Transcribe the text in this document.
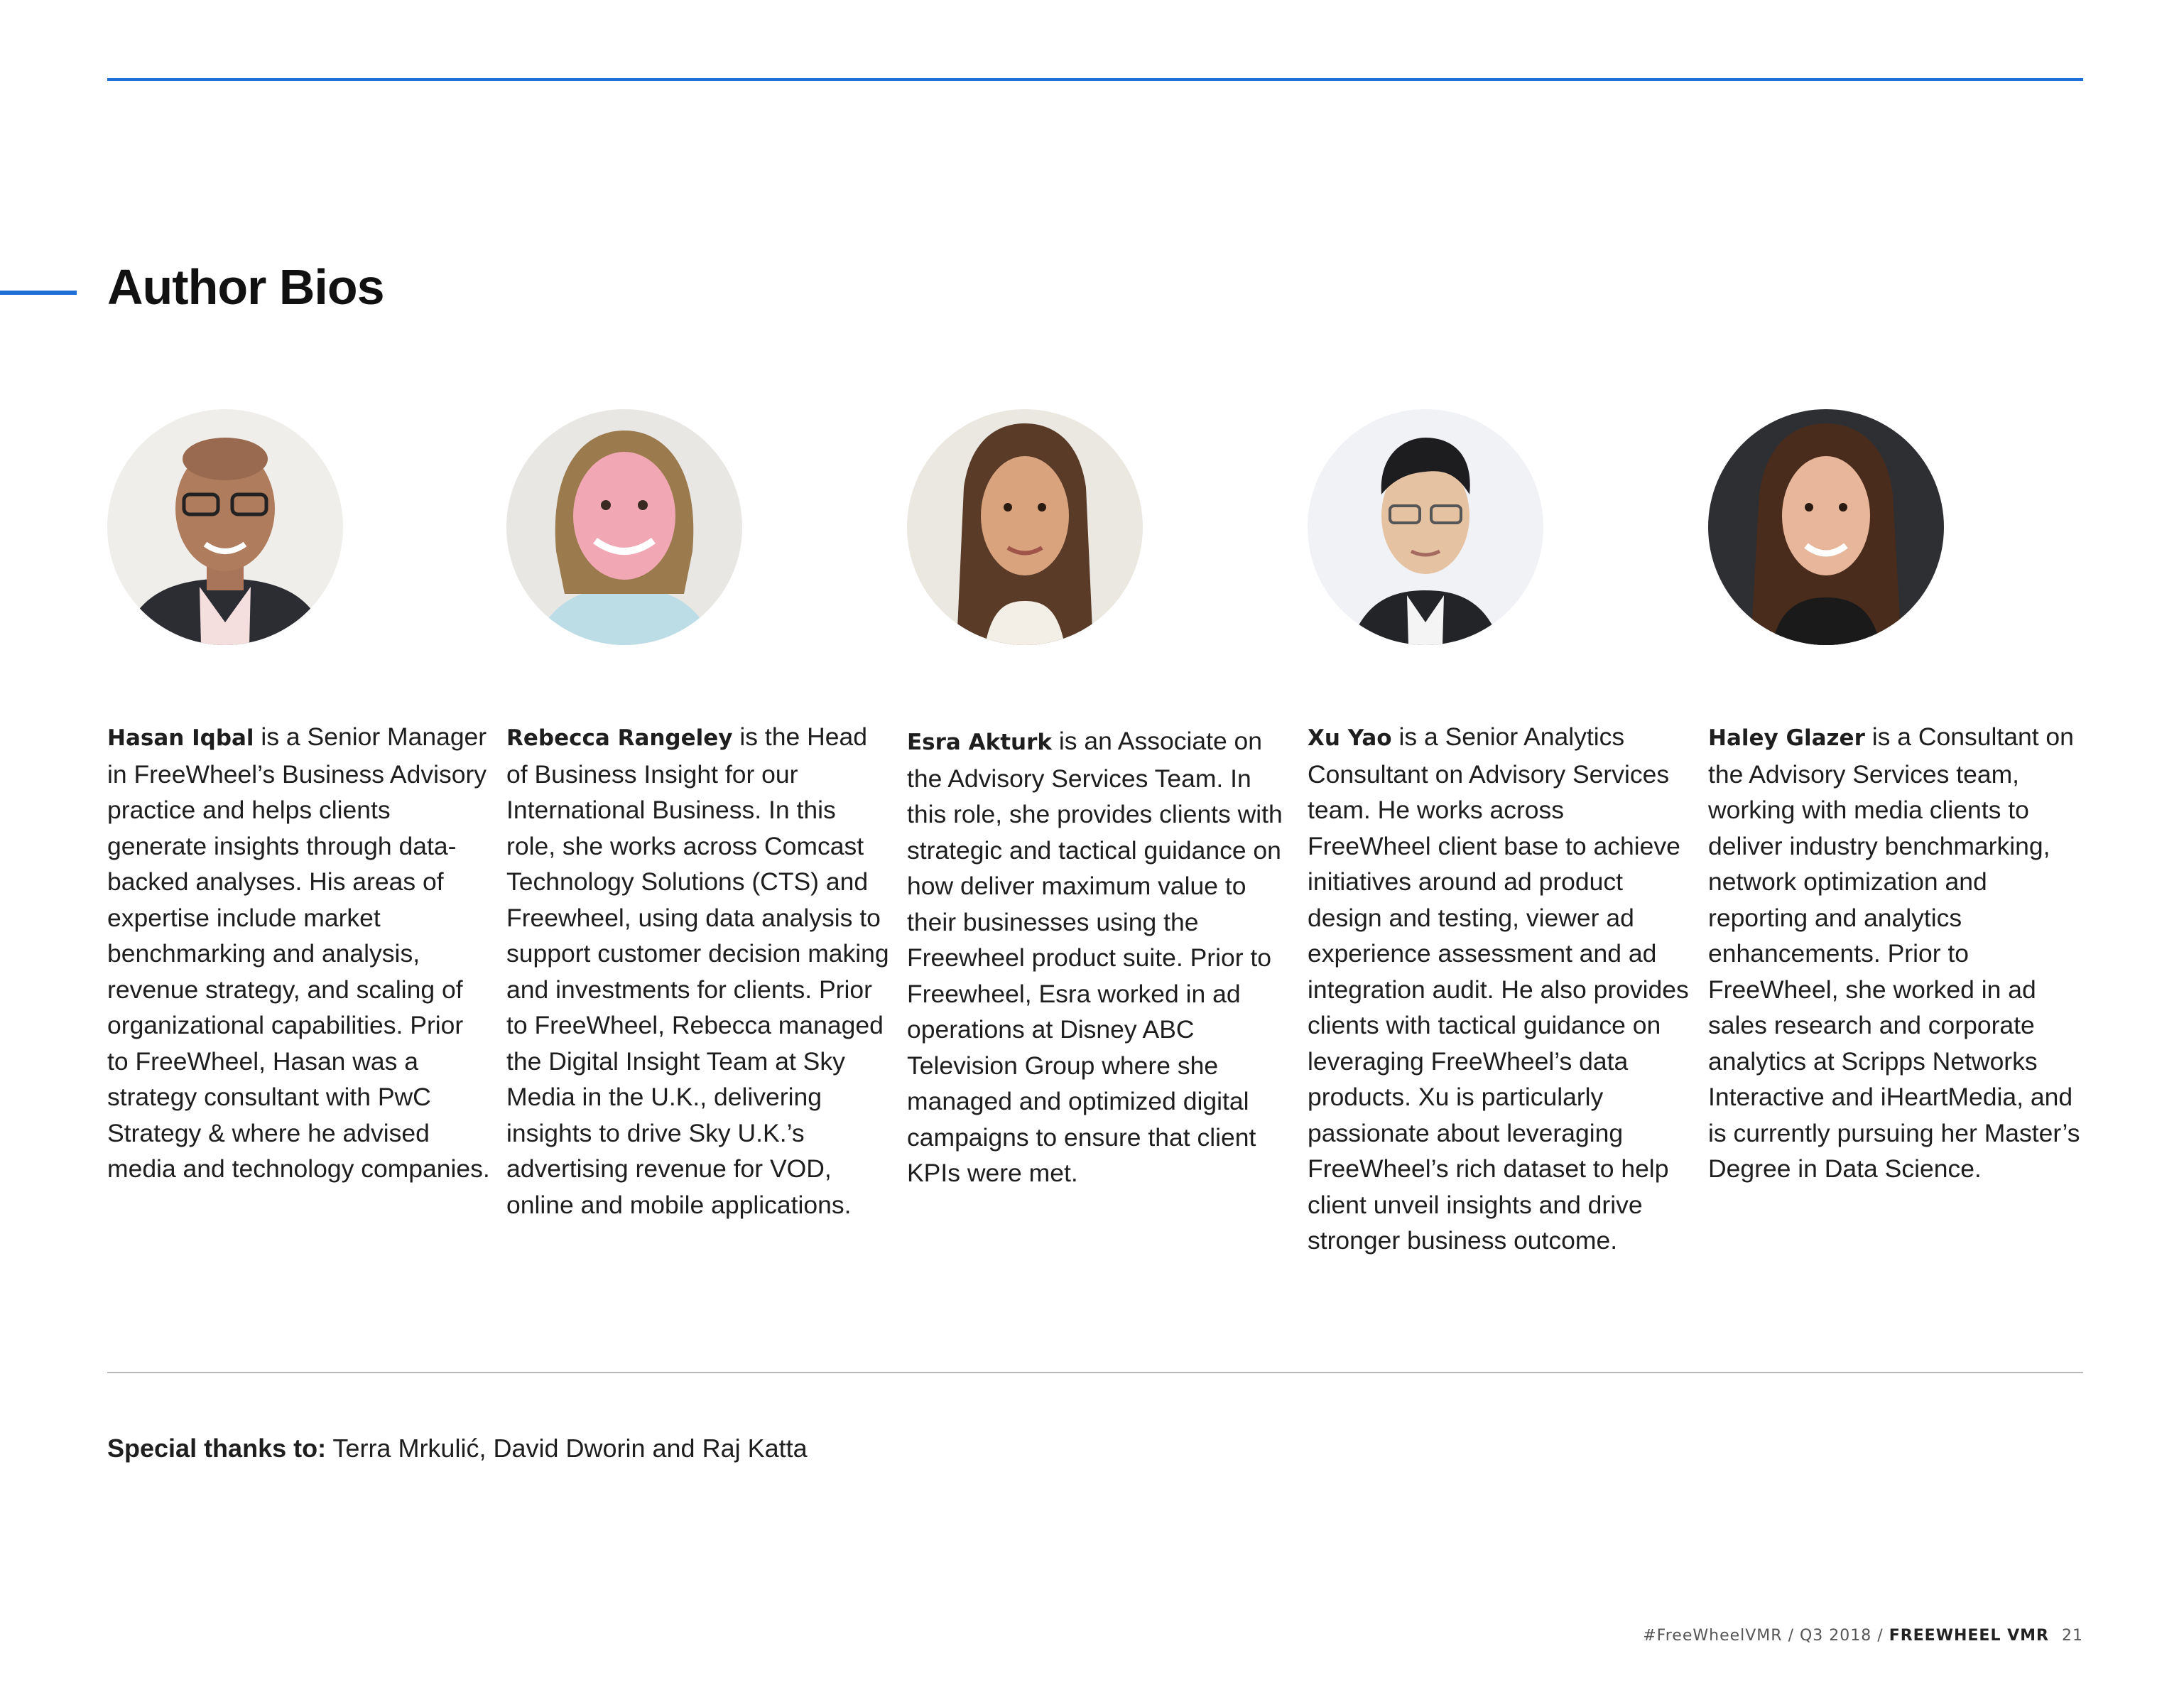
Author Bios

Hasan Iqbal is a Senior Manager in FreeWheel’s Business Advisory practice and helps clients generate insights through data-backed analyses. His areas of expertise include market benchmarking and analysis, revenue strategy, and scaling of organizational capabilities. Prior to FreeWheel, Hasan was a strategy consultant with PwC Strategy & where he advised media and technology companies.

Rebecca Rangeley is the Head of Business Insight for our International Business. In this role, she works across Comcast Technology Solutions (CTS) and Freewheel, using data analysis to support customer decision making and investments for clients. Prior to FreeWheel, Rebecca managed the Digital Insight Team at Sky Media in the U.K., delivering insights to drive Sky U.K.’s advertising revenue for VOD, online and mobile applications.

Esra Akturk is an Associate on the Advisory Services Team. In this role, she provides clients with strategic and tactical guidance on how deliver maximum value to their businesses using the Freewheel product suite. Prior to Freewheel, Esra worked in ad operations at Disney ABC Television Group where she managed and optimized digital campaigns to ensure that client KPIs were met.

Xu Yao is a Senior Analytics Consultant on Advisory Services team. He works across FreeWheel client base to achieve initiatives around ad product design and testing, viewer ad experience assessment and ad integration audit. He also provides clients with tactical guidance on leveraging FreeWheel’s data products. Xu is particularly passionate about leveraging FreeWheel’s rich dataset to help client unveil insights and drive stronger business outcome.

Haley Glazer is a Consultant on the Advisory Services team, working with media clients to deliver industry benchmarking, network optimization and reporting and analytics enhancements. Prior to FreeWheel, she worked in ad sales research and corporate analytics at Scripps Networks Interactive and iHeartMedia, and is currently pursuing her Master’s Degree in Data Science.

Special thanks to: Terra Mrkulić, David Dworin and Raj Katta

#FreeWheelVMR / Q3 2018 / FREEWHEEL VMR 21
